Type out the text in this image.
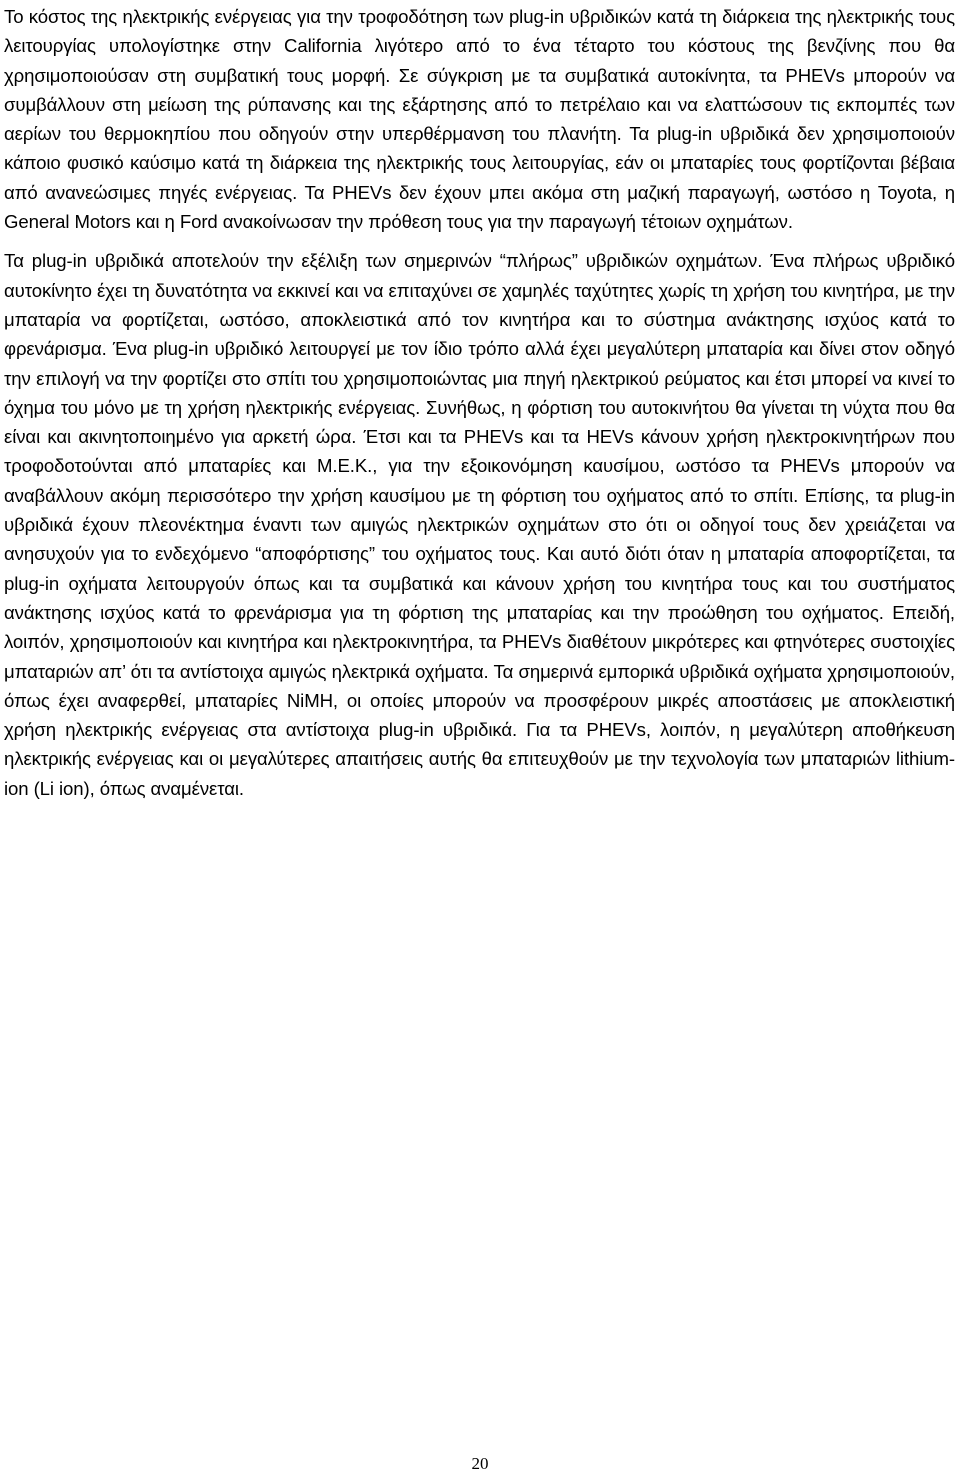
Το κόστος της ηλεκτρικής ενέργειας για την τροφοδότηση των plug-in υβριδικών κατά τη διάρκεια της ηλεκτρικής τους λειτουργίας υπολογίστηκε στην California λιγότερο από το ένα τέταρτο του κόστους της βενζίνης που θα χρησιμοποιούσαν στη συμβατική τους μορφή. Σε σύγκριση με τα συμβατικά αυτοκίνητα, τα PHEVs μπορούν να συμβάλλουν στη μείωση της ρύπανσης και της εξάρτησης από το πετρέλαιο και να ελαττώσουν τις εκπομπές των αερίων του θερμοκηπίου που οδηγούν στην υπερθέρμανση του πλανήτη. Τα plug-in υβριδικά δεν χρησιμοποιούν κάποιο φυσικό καύσιμο κατά τη διάρκεια της ηλεκτρικής τους λειτουργίας, εάν οι μπαταρίες τους φορτίζονται βέβαια από ανανεώσιμες πηγές ενέργειας. Τα PHEVs δεν έχουν μπει ακόμα στη μαζική παραγωγή, ωστόσο η Toyota, η General Motors και η Ford ανακοίνωσαν την πρόθεση τους για την παραγωγή τέτοιων οχημάτων.

Τα plug-in υβριδικά αποτελούν την εξέλιξη των σημερινών “πλήρως” υβριδικών οχημάτων. Ένα πλήρως υβριδικό αυτοκίνητο έχει τη δυνατότητα να εκκινεί και να επιταχύνει σε χαμηλές ταχύτητες χωρίς τη χρήση του κινητήρα, με την μπαταρία να φορτίζεται, ωστόσο, αποκλειστικά από τον κινητήρα και το σύστημα ανάκτησης ισχύος κατά το φρενάρισμα. Ένα plug-in υβριδικό λειτουργεί με τον ίδιο τρόπο αλλά έχει μεγαλύτερη μπαταρία και δίνει στον οδηγό την επιλογή να την φορτίζει στο σπίτι του χρησιμοποιώντας μια πηγή ηλεκτρικού ρεύματος και έτσι μπορεί να κινεί το όχημα του μόνο με τη χρήση ηλεκτρικής ενέργειας. Συνήθως, η φόρτιση του αυτοκινήτου θα γίνεται τη νύχτα που θα είναι και ακινητοποιημένο για αρκετή ώρα. Έτσι και τα PHEVs και τα HEVs κάνουν χρήση ηλεκτροκινητήρων που τροφοδοτούνται από μπαταρίες και Μ.Ε.Κ., για την εξοικονόμηση καυσίμου, ωστόσο τα PHEVs μπορούν να αναβάλλουν ακόμη περισσότερο την χρήση καυσίμου με τη φόρτιση του οχήματος από το σπίτι. Επίσης, τα plug-in υβριδικά έχουν πλεονέκτημα έναντι των αμιγώς ηλεκτρικών οχημάτων στο ότι οι οδηγοί τους δεν χρειάζεται να ανησυχούν για το ενδεχόμενο “αποφόρτισης” του οχήματος τους. Και αυτό διότι όταν η μπαταρία αποφορτίζεται, τα plug-in οχήματα λειτουργούν όπως και τα συμβατικά και κάνουν χρήση του κινητήρα τους και του συστήματος ανάκτησης ισχύος κατά το φρενάρισμα για τη φόρτιση της μπαταρίας και την προώθηση του οχήματος. Επειδή, λοιπόν, χρησιμοποιούν και κινητήρα και ηλεκτροκινητήρα, τα PHEVs διαθέτουν μικρότερες και φτηνότερες συστοιχίες μπαταριών απ’ ότι τα αντίστοιχα αμιγώς ηλεκτρικά οχήματα. Τα σημερινά εμπορικά υβριδικά οχήματα χρησιμοποιούν, όπως έχει αναφερθεί, μπαταρίες NiMH, οι οποίες μπορούν να προσφέρουν μικρές αποστάσεις με αποκλειστική χρήση ηλεκτρικής ενέργειας στα αντίστοιχα plug-in υβριδικά. Για τα PHEVs, λοιπόν, η μεγαλύτερη αποθήκευση ηλεκτρικής ενέργειας και οι μεγαλύτερες απαιτήσεις αυτής θα επιτευχθούν με την τεχνολογία των μπαταριών lithium-ion (Li ion), όπως αναμένεται.

20
